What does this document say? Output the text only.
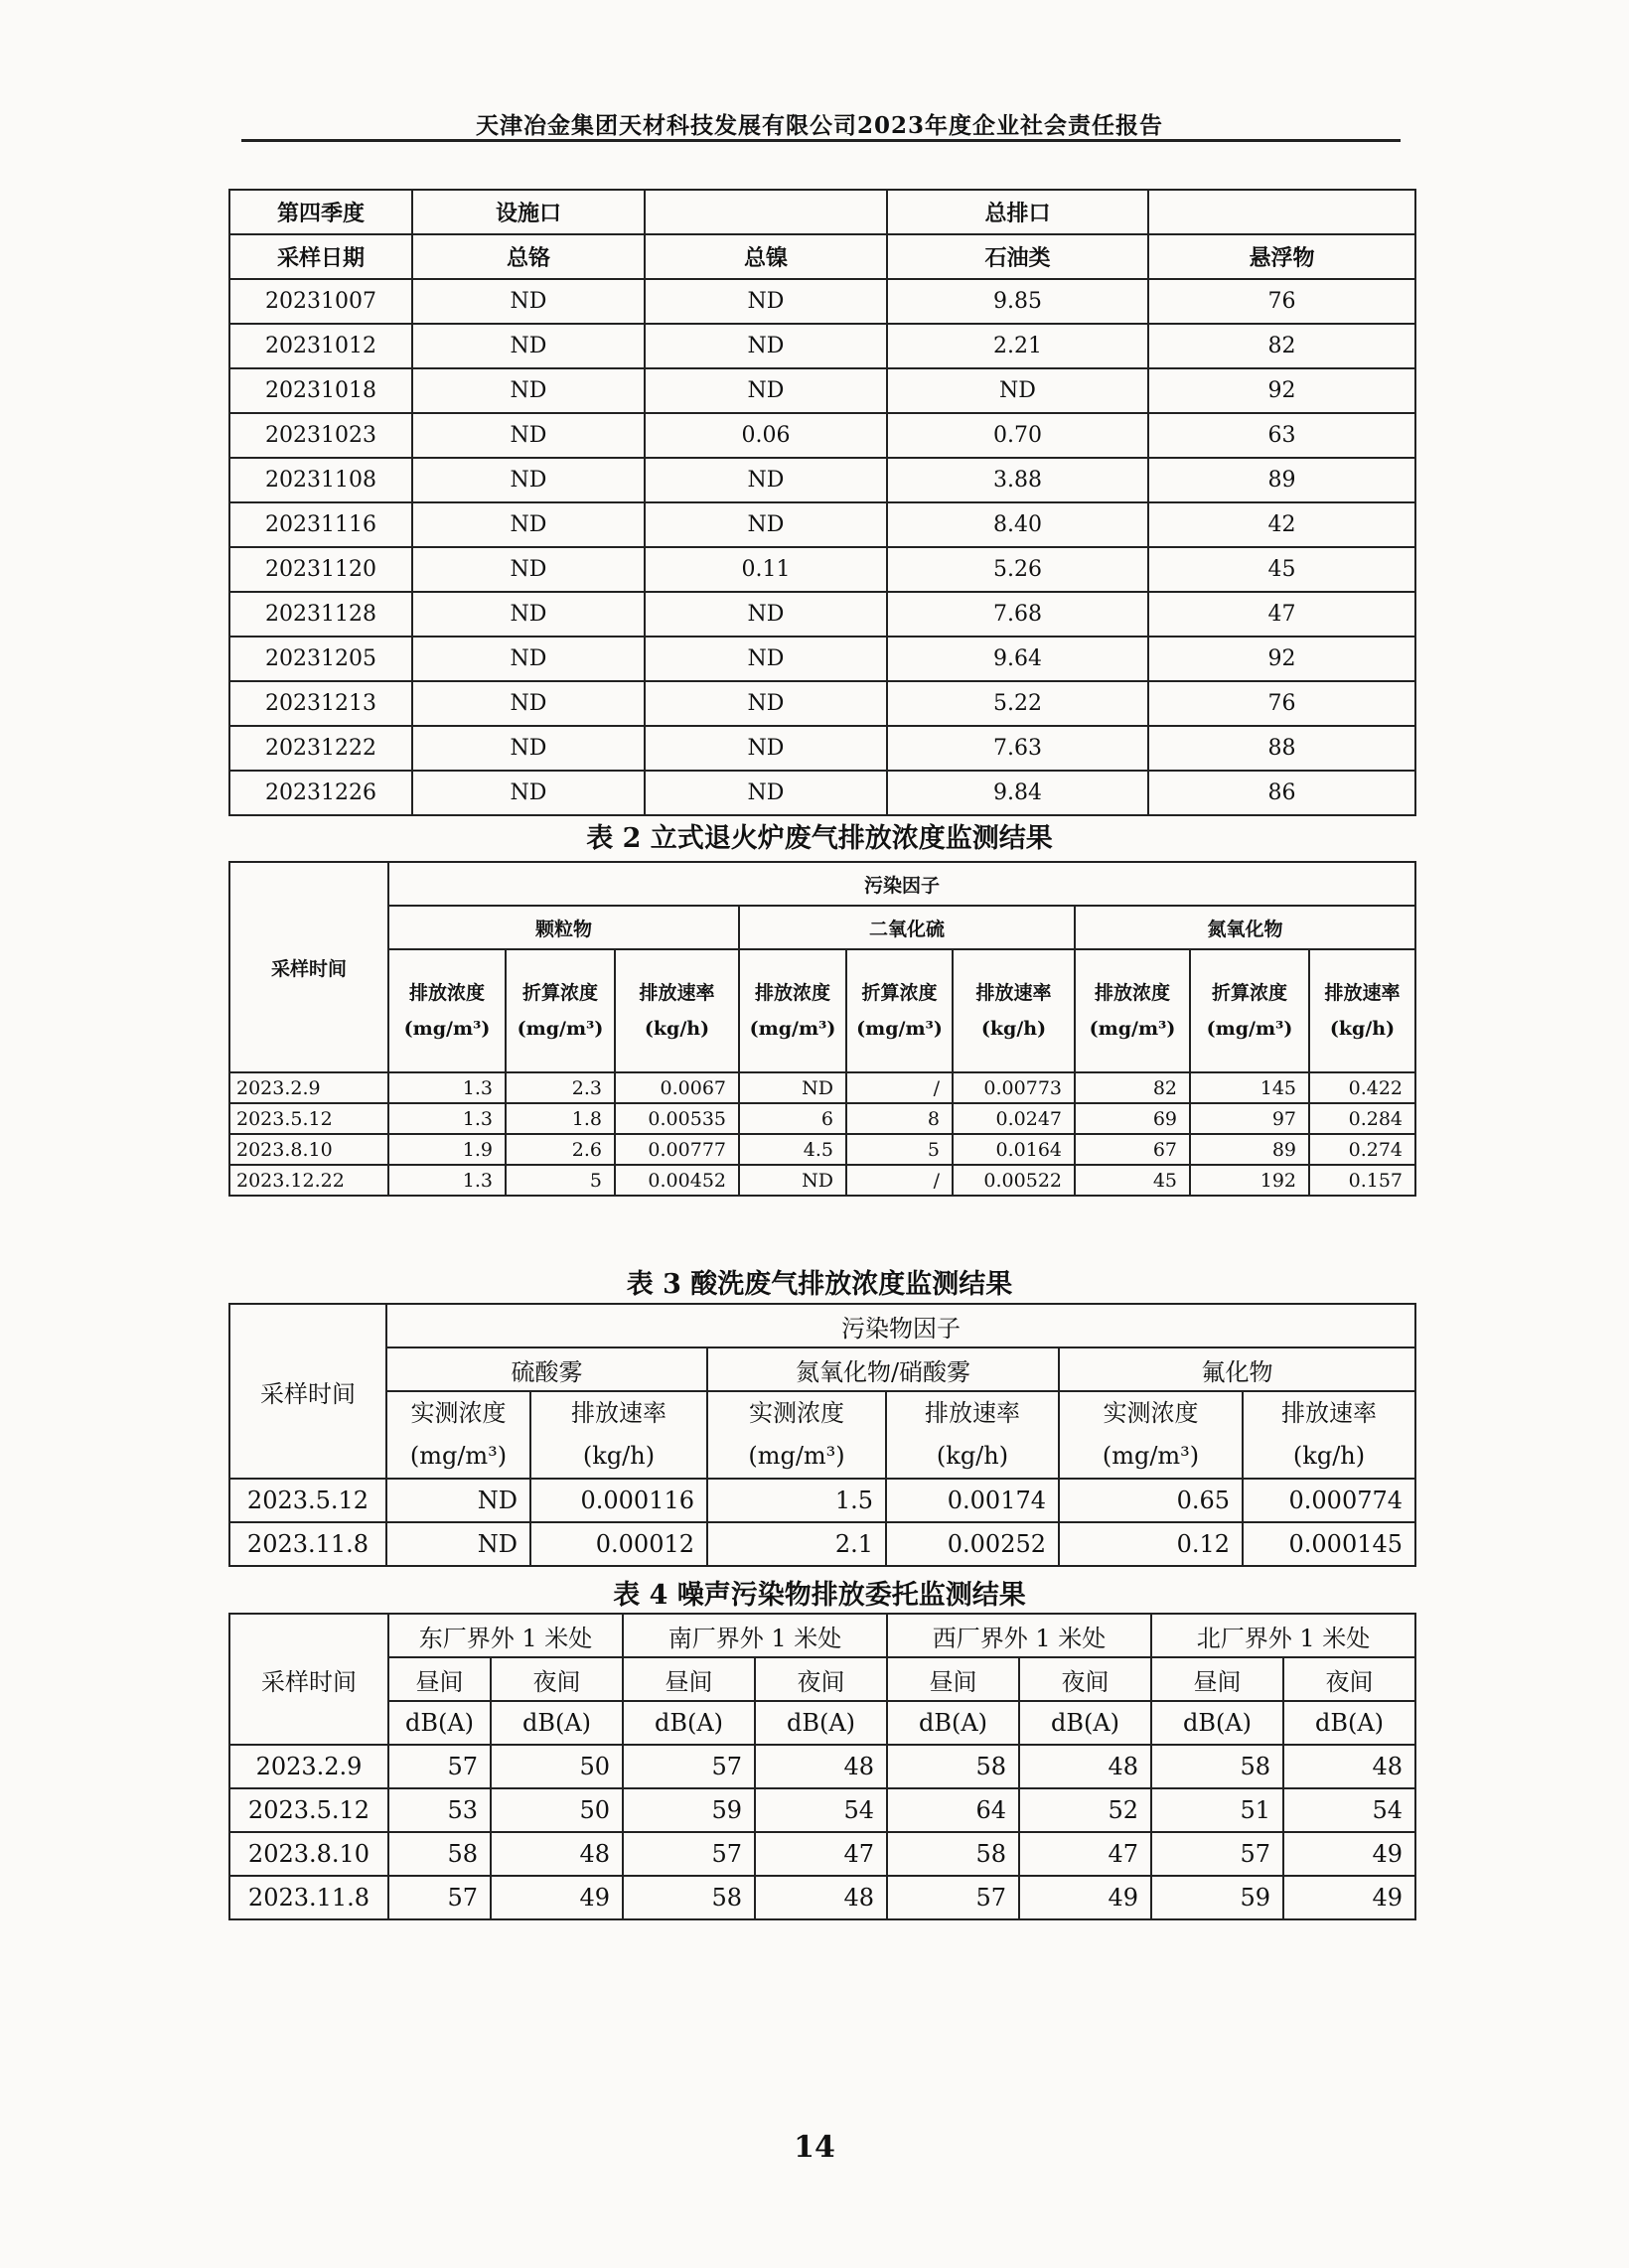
天津冶金集团天材科技发展有限公司2023年度企业社会责任报告
第四季度	设施口		总排口	
采样日期	总铬	总镍	石油类	悬浮物
20231007	ND	ND	9.85	76
20231012	ND	ND	2.21	82
20231018	ND	ND	ND	92
20231023	ND	0.06	0.70	63
20231108	ND	ND	3.88	89
20231116	ND	ND	8.40	42
20231120	ND	0.11	5.26	45
20231128	ND	ND	7.68	47
20231205	ND	ND	9.64	92
20231213	ND	ND	5.22	76
20231222	ND	ND	7.63	88
20231226	ND	ND	9.84	86
表 2 立式退火炉废气排放浓度监测结果
采样时间	污染因子								
	颗粒物			二氧化硫			氮氧化物		
	排放浓度(mg/m³)	折算浓度(mg/m³)	排放速率(kg/h)	排放浓度(mg/m³)	折算浓度(mg/m³)	排放速率(kg/h)	排放浓度(mg/m³)	折算浓度(mg/m³)	排放速率(kg/h)
2023.2.9	1.3	2.3	0.0067	ND	/	0.00773	82	145	0.422
2023.5.12	1.3	1.8	0.00535	6	8	0.0247	69	97	0.284
2023.8.10	1.9	2.6	0.00777	4.5	5	0.0164	67	89	0.274
2023.12.22	1.3	5	0.00452	ND	/	0.00522	45	192	0.157
表 3 酸洗废气排放浓度监测结果
采样时间	污染物因子					
	硫酸雾		氮氧化物/硝酸雾		氟化物	
	实测浓度(mg/m³)	排放速率(kg/h)	实测浓度(mg/m³)	排放速率(kg/h)	实测浓度(mg/m³)	排放速率(kg/h)
2023.5.12	ND	0.000116	1.5	0.00174	0.65	0.000774
2023.11.8	ND	0.00012	2.1	0.00252	0.12	0.000145
表 4 噪声污染物排放委托监测结果
采样时间	东厂界外 1 米处		南厂界外 1 米处		西厂界外 1 米处		北厂界外 1 米处	
	昼间	夜间	昼间	夜间	昼间	夜间	昼间	夜间
	dB(A)	dB(A)	dB(A)	dB(A)	dB(A)	dB(A)	dB(A)	dB(A)
2023.2.9	57	50	57	48	58	48	58	48
2023.5.12	53	50	59	54	64	52	51	54
2023.8.10	58	48	57	47	58	47	57	49
2023.11.8	57	49	58	48	57	49	59	49
14
